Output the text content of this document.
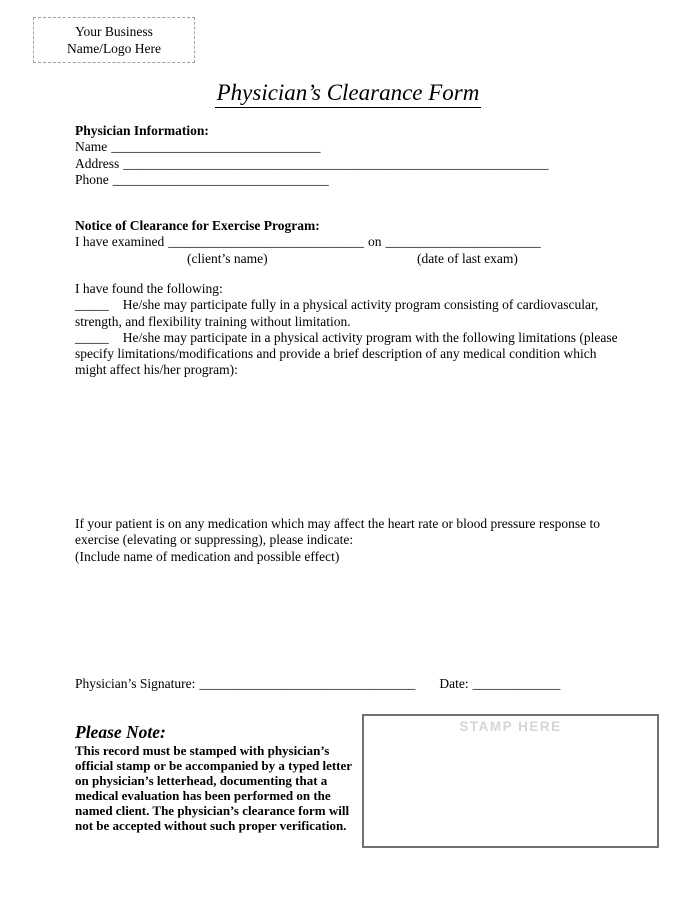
Your Business
Name/Logo Here
Physician’s Clearance Form
Physician Information:
Name _______________________________
Address _______________________________________________________________
Phone ________________________________
Notice of Clearance for Exercise Program:
I have examined _____________________________ on _______________________
(client’s name)	(date of last exam)
I have found the following:
_____ He/she may participate fully in a physical activity program consisting of cardiovascular,
strength, and flexibility training without limitation.
_____ He/she may participate in a physical activity program with the following limitations (please
specify limitations/modifications and provide a brief description of any medical condition which
might affect his/her program):
If your patient is on any medication which may affect the heart rate or blood pressure response to
exercise (elevating or suppressing), please indicate:
(Include name of medication and possible effect)
Physician’s Signature: ________________________________ Date: _____________
Please Note:
This record must be stamped with physician’s
official stamp or be accompanied by a typed letter
on physician’s letterhead, documenting that a
medical evaluation has been performed on the
named client. The physician’s clearance form will
not be accepted without such proper verification.
STAMP HERE
